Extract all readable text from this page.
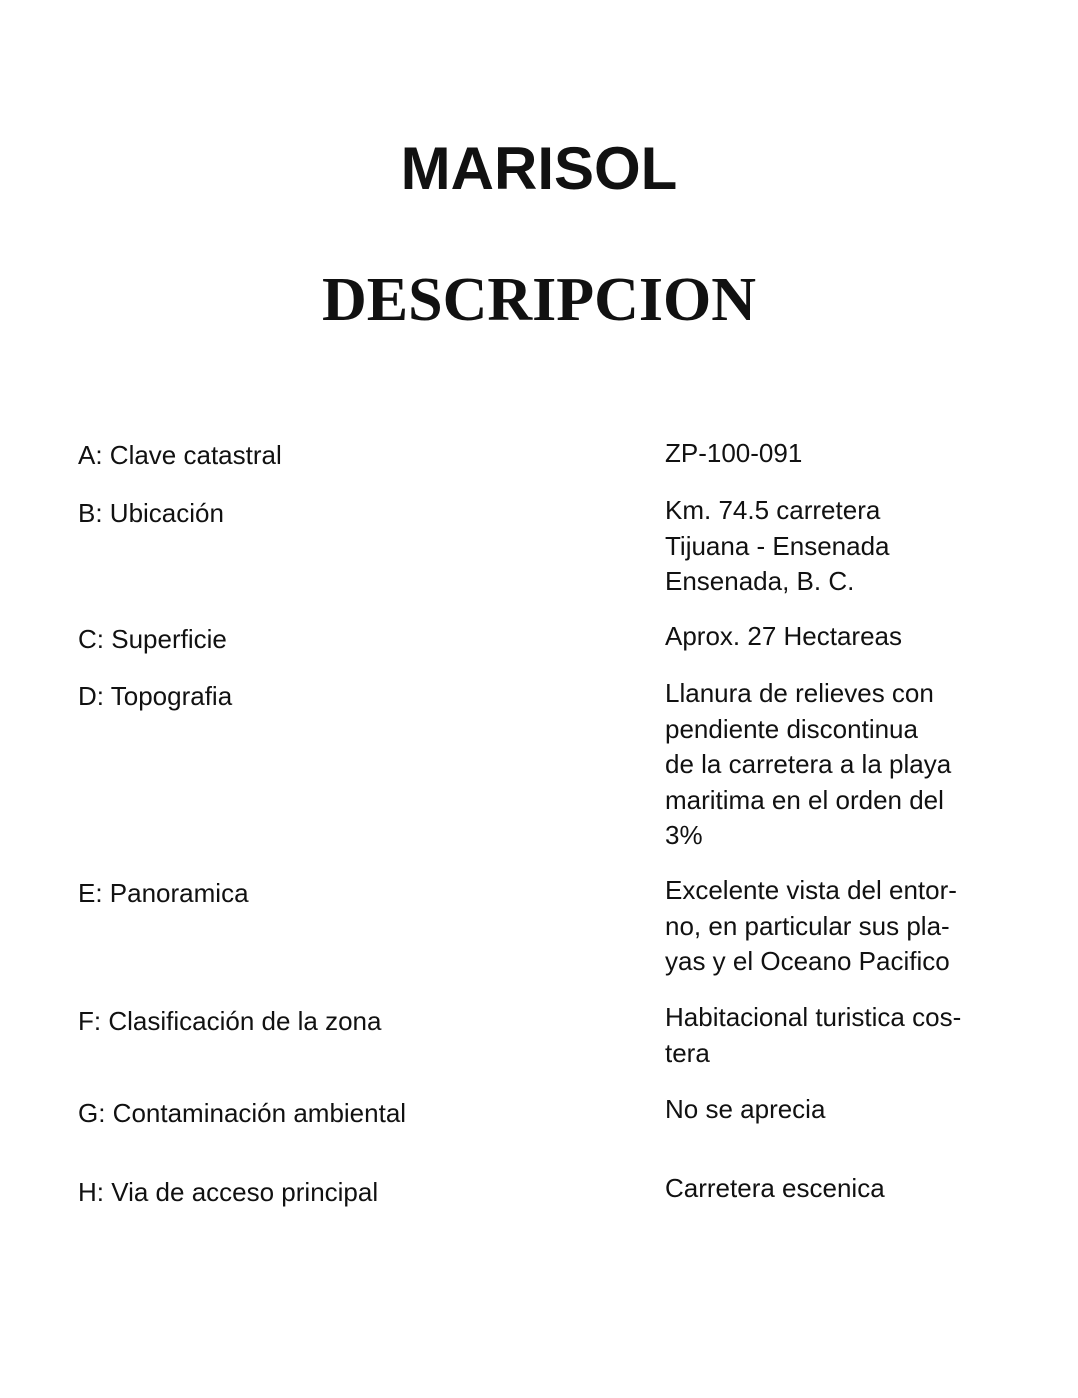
MARISOL
DESCRIPCION
A: Clave catastral	ZP-100-091
B: Ubicación	Km. 74.5 carretera
Tijuana - Ensenada
Ensenada, B. C.
C: Superficie	Aprox. 27 Hectareas
D: Topografia	Llanura de relieves con
pendiente discontinua
de la carretera a la playa
maritima en el orden del
3%
E: Panoramica	Excelente vista del entor-
no, en particular sus pla-
yas y el Oceano Pacifico
F: Clasificación de la zona	Habitacional turistica cos-
tera
G: Contaminación ambiental	No se aprecia
H: Via de acceso principal	Carretera escenica
